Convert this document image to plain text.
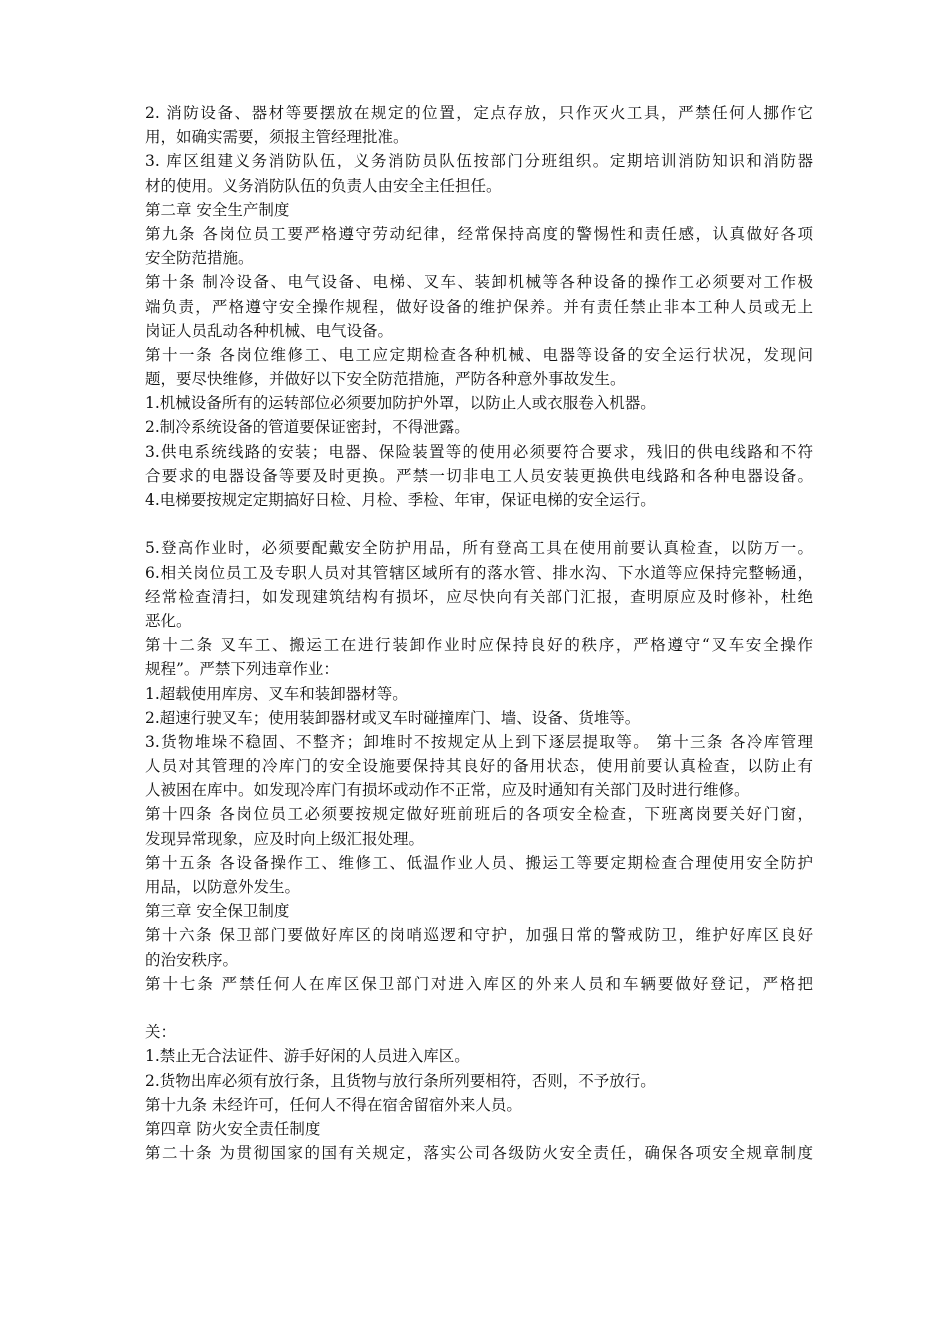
2. 消防设备、器材等要摆放在规定的位置，定点存放，只作灭火工具，严禁任何人挪作它
用，如确实需要，须报主管经理批准。
3. 库区组建义务消防队伍，义务消防员队伍按部门分班组织。定期培训消防知识和消防器
材的使用。义务消防队伍的负责人由安全主任担任。
第二章 安全生产制度
第九条 各岗位员工要严格遵守劳动纪律，经常保持高度的警惕性和责任感，认真做好各项
安全防范措施。
第十条 制冷设备、电气设备、电梯、叉车、装卸机械等各种设备的操作工必须要对工作极
端负责，严格遵守安全操作规程，做好设备的维护保养。并有责任禁止非本工种人员或无上
岗证人员乱动各种机械、电气设备。
第十一条 各岗位维修工、电工应定期检查各种机械、电器等设备的安全运行状况，发现问
题，要尽快维修，并做好以下安全防范措施，严防各种意外事故发生。
1.机械设备所有的运转部位必须要加防护外罩，以防止人或衣服卷入机器。
2.制冷系统设备的管道要保证密封，不得泄露。
3.供电系统线路的安装；电器、保险装置等的使用必须要符合要求，残旧的供电线路和不符
合要求的电器设备等要及时更换。严禁一切非电工人员安装更换供电线路和各种电器设备。
4.电梯要按规定定期搞好日检、月检、季检、年审，保证电梯的安全运行。
5.登高作业时，必须要配戴安全防护用品，所有登高工具在使用前要认真检查，以防万一。
6.相关岗位员工及专职人员对其管辖区域所有的落水管、排水沟、下水道等应保持完整畅通，
经常检查清扫，如发现建筑结构有损坏，应尽快向有关部门汇报，查明原应及时修补，杜绝
恶化。
第十二条 叉车工、搬运工在进行装卸作业时应保持良好的秩序，严格遵守“叉车安全操作
规程”。严禁下列违章作业：
1.超载使用库房、叉车和装卸器材等。
2.超速行驶叉车；使用装卸器材或叉车时碰撞库门、墙、设备、货堆等。
3.货物堆垛不稳固、不整齐；卸堆时不按规定从上到下逐层提取等。 第十三条 各冷库管理
人员对其管理的冷库门的安全设施要保持其良好的备用状态，使用前要认真检查，以防止有
人被困在库中。如发现冷库门有损坏或动作不正常，应及时通知有关部门及时进行维修。
第十四条 各岗位员工必须要按规定做好班前班后的各项安全检查，下班离岗要关好门窗，
发现异常现象，应及时向上级汇报处理。
第十五条 各设备操作工、维修工、低温作业人员、搬运工等要定期检查合理使用安全防护
用品，以防意外发生。
第三章 安全保卫制度
第十六条 保卫部门要做好库区的岗哨巡逻和守护，加强日常的警戒防卫，维护好库区良好
的治安秩序。
第十七条 严禁任何人在库区保卫部门对进入库区的外来人员和车辆要做好登记，严格把
关：
1.禁止无合法证件、游手好闲的人员进入库区。
2.货物出库必须有放行条，且货物与放行条所列要相符，否则，不予放行。
第十九条 未经许可，任何人不得在宿舍留宿外来人员。
第四章 防火安全责任制度
第二十条 为贯彻国家的国有关规定，落实公司各级防火安全责任，确保各项安全规章制度
